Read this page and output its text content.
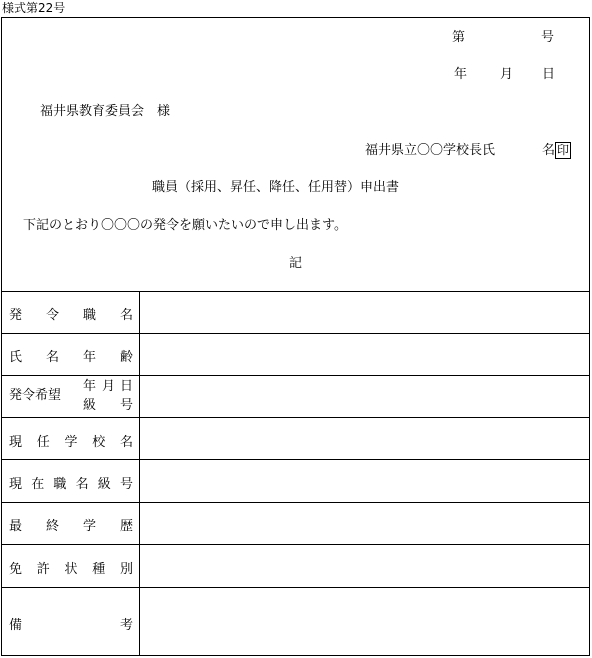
様式第22号
第	号
年	月 日
福井県教育委員会　様
福井県立〇〇学校長氏	名 印
職員（採用、昇任、降任、任用替）申出書
下記のとおり〇〇〇の発令を願いたいので申し出ます。
記
発 令 職 名
氏 名 年 齢
発令希望
年 月 日
級 号
現 任 学 校 名
現 在 職 名 級 号
最 終 学 歴
免 許 状 種 別
備	考
